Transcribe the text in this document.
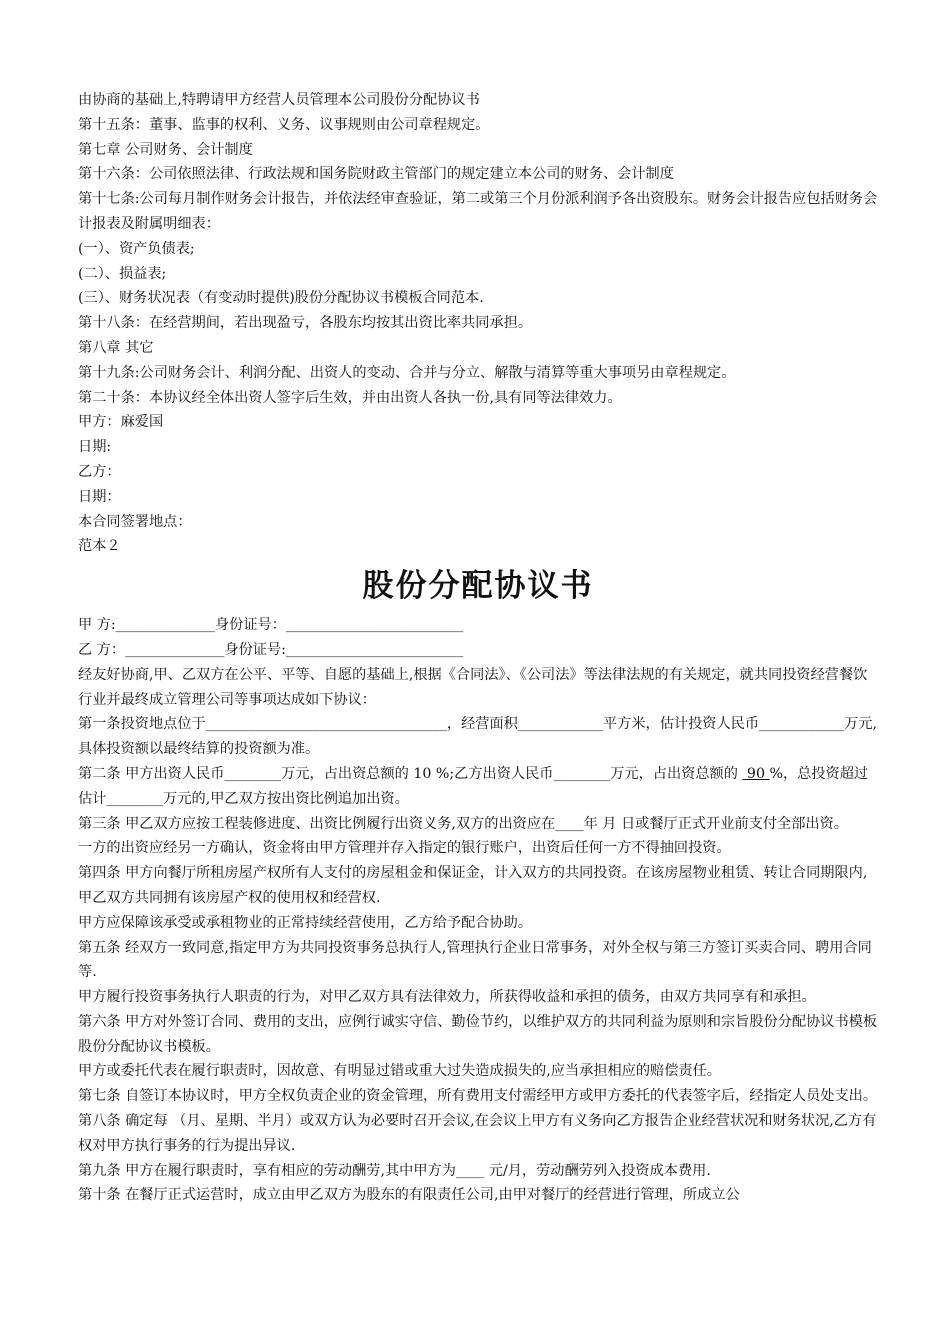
由协商的基础上,特聘请甲方经营人员管理本公司股份分配协议书

第十五条：董事、监事的权利、义务、议事规则由公司章程规定。

第七章 公司财务、会计制度

第十六条：公司依照法律、行政法规和国务院财政主管部门的规定建立本公司的财务、会计制度

第十七条:公司每月制作财务会计报告，并依法经审查验证，第二或第三个月份派利润予各出资股东。财务会计报告应包括财务会计报表及附属明细表：

(一）、资产负债表;

(二）、损益表;

(三）、财务状况表（有变动时提供)股份分配协议书模板合同范本.

第十八条：在经营期间，若出现盈亏，各股东均按其出资比率共同承担。

第八章 其它

第十九条:公司财务会计、利润分配、出资人的变动、合并与分立、解散与清算等重大事项另由章程规定。

第二十条：本协议经全体出资人签字后生效，并由出资人各执一份,具有同等法律效力。

甲方：麻爱国

日期:

乙方：

日期：

本合同签署地点：

范本２

股份分配协议书

甲 方:______________身份证号：_________________________

乙 方：______________身份证号:_________________________

经友好协商,甲、乙双方在公平、平等、自愿的基础上,根据《合同法》、《公司法》等法律法规的有关规定，就共同投资经营餐饮行业并最终成立管理公司等事项达成如下协议：

第一条投资地点位于__________________________________，经营面积____________平方米，估计投资人民币____________万元,具体投资额以最终结算的投资额为准。

第二条 甲方出资人民币________万元，占出资总额的 10 %;乙方出资人民币________万元，占出资总额的  90 %，总投资超过估计________万元的,甲乙双方按出资比例追加出资。

第三条 甲乙双方应按工程装修进度、出资比例履行出资义务,双方的出资应在____年 月 日或餐厅正式开业前支付全部出资。

一方的出资应经另一方确认，资金将由甲方管理并存入指定的银行账户，出资后任何一方不得抽回投资。

第四条 甲方向餐厅所租房屋产权所有人支付的房屋租金和保证金，计入双方的共同投资。在该房屋物业租赁、转让合同期限内,甲乙双方共同拥有该房屋产权的使用权和经营权.

甲方应保障该承受或承租物业的正常持续经营使用，乙方给予配合协助。

第五条 经双方一致同意,指定甲方为共同投资事务总执行人,管理执行企业日常事务，对外全权与第三方签订买卖合同、聘用合同等.

甲方履行投资事务执行人职责的行为，对甲乙双方具有法律效力，所获得收益和承担的债务，由双方共同享有和承担。

第六条 甲方对外签订合同、费用的支出，应例行诚实守信、勤俭节约，以维护双方的共同利益为原则和宗旨股份分配协议书模板股份分配协议书模板。

甲方或委托代表在履行职责时，因故意、有明显过错或重大过失造成损失的,应当承担相应的赔偿责任。

第七条 自签订本协议时，甲方全权负责企业的资金管理，所有费用支付需经甲方或甲方委托的代表签字后，经指定人员处支出。

第八条 确定每 （月、星期、半月）或双方认为必要时召开会议,在会议上甲方有义务向乙方报告企业经营状况和财务状况,乙方有权对甲方执行事务的行为提出异议.

第九条 甲方在履行职责时，享有相应的劳动酬劳,其中甲方为____ 元/月，劳动酬劳列入投资成本费用.

第十条 在餐厅正式运营时，成立由甲乙双方为股东的有限责任公司,由甲对餐厅的经营进行管理，所成立公
